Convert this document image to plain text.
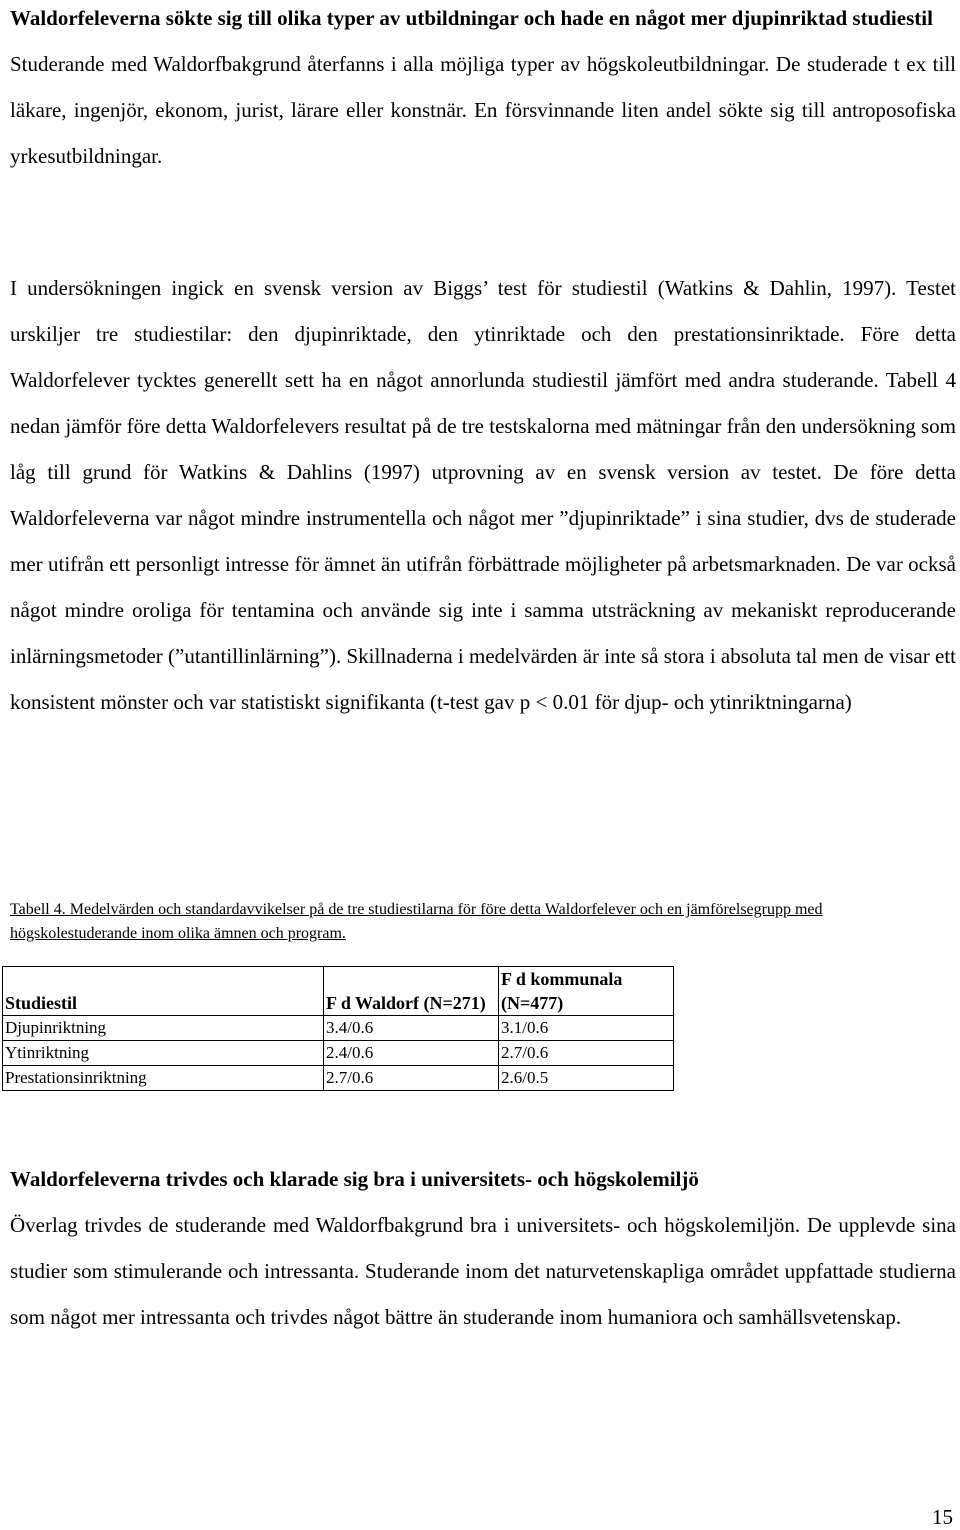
Waldorfeleverna sökte sig till olika typer av utbildningar och hade en något mer djupinriktad studiestil

Studerande med Waldorfbakgrund återfanns i alla möjliga typer av högskoleutbildningar. De studerade t ex till läkare, ingenjör, ekonom, jurist, lärare eller konstnär. En försvinnande liten andel sökte sig till antroposofiska yrkesutbildningar.

I undersökningen ingick en svensk version av Biggs’ test för studiestil (Watkins & Dahlin, 1997). Testet urskiljer tre studiestilar: den djupinriktade, den ytinriktade och den prestationsinriktade. Före detta Waldorfelever tycktes generellt sett ha en något annorlunda studiestil jämfört med andra studerande. Tabell 4 nedan jämför före detta Waldorfelevers resultat på de tre testskalorna med mätningar från den undersökning som låg till grund för Watkins & Dahlins (1997) utprovning av en svensk version av testet. De före detta Waldorfeleverna var något mindre instrumentella och något mer ”djupinriktade” i sina studier, dvs de studerade mer utifrån ett personligt intresse för ämnet än utifrån förbättrade möjligheter på arbetsmarknaden. De var också något mindre oroliga för tentamina och använde sig inte i samma utsträckning av mekaniskt reproducerande inlärningsmetoder (”utantillinlärning”). Skillnaderna i medelvärden är inte så stora i absoluta tal men de visar ett konsistent mönster och var statistiskt signifikanta (t-test gav p < 0.01 för djup- och ytinriktningarna)

Tabell 4. Medelvärden och standardavvikelser på de tre studiestilarna för före detta Waldorfelever och en jämförelsegrupp med högskolestuderande inom olika ämnen och program.
Studiestil	F d Waldorf (N=271)	F d kommunala (N=477)
Djupinriktning	3.4/0.6	3.1/0.6
Ytinriktning	2.4/0.6	2.7/0.6
Prestationsinriktning	2.7/0.6	2.6/0.5

Waldorfeleverna trivdes och klarade sig bra i universitets- och högskolemiljö

Överlag trivdes de studerande med Waldorfbakgrund bra i universitets- och högskolemiljön. De upplevde sina studier som stimulerande och intressanta. Studerande inom det naturvetenskapliga området uppfattade studierna som något mer intressanta och trivdes något bättre än studerande inom humaniora och samhällsvetenskap.

15
